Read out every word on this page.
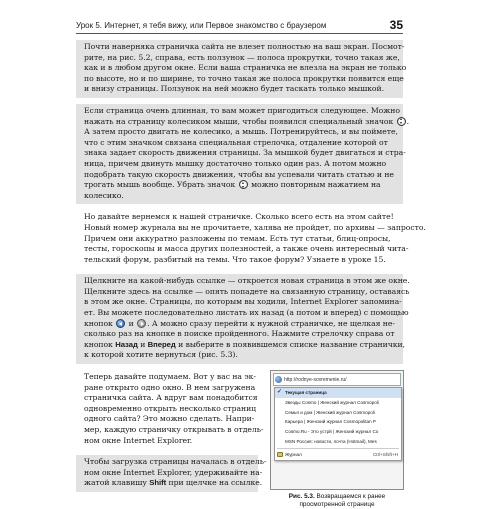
Урок 5. Интернет, я тебя вижу, или Первое знакомство с браузером	35
Почти наверняка страничка сайта не влезет полностью на ваш экран. Посмот-
рите, на рис. 5.2, справа, есть ползунок — полоса прокрутки, точно такая же,
как и в любом другом окне. Если ваша страничка не влезла на экран не только
по высоте, но и по ширине, то точно такая же полоса прокрутки появится еще
и внизу страницы. Ползунок на ней можно будет таскать только мышкой.
Если страница очень длинная, то вам может пригодиться следующее. Можно
нажать на страницу колесиком мыши, чтобы появился специальный значок .
А затем просто двигать не колесико, а мышь. Потренируйтесь, и вы поймете,
что с этим значком связана специальная стрелочка, отдаление которой от
знака задает скорость движения страницы. За мышкой будет двигаться и стра-
ница, причем двинуть мышку достаточно только один раз. А потом можно
подобрать такую скорость движения, чтобы вы успевали читать статью и не
трогать мышь вообще. Убрать значок можно повторным нажатием на
колесико.
Но давайте вернемся к нашей страничке. Сколько всего есть на этом сайте!
Новый номер журнала вы не прочитаете, халява не пройдет, по архивы — запросто.
Причем они аккуратно разложены по темам. Есть тут статьи, блиц-опросы,
тесты, гороскопы и масса других полезностей, а также очень интересный чита-
тельский форум, разбитый на темы. Что такое форум? Узнаете в уроке 15.
Щелкните на какой-нибудь ссылке — откроется новая страница в этом же окне.
Щелкните здесь на ссылке — опять попадете на связанную страницу, оставаясь
в этом же окне. Страницы, по которым вы ходили, Internet Explorer запомина-
ет. Вы можете последовательно листать их назад (а потом и вперед) с помощью
кнопок и . А можно сразу перейти к нужной страничке, не щелкая не-
сколько раз на кнопке в поиске пройденного. Нажмите стрелочку справа от
кнопок Назад и Вперед и выберите в появившемся списке название странички,
к которой хотите вернуться (рис. 5.3).
Теперь давайте подумаем. Вот у вас на эк-
ране открыто одно окно. В нем загружена
страничка сайта. А вдруг вам понадобится
одновременно открыть несколько страниц
одного сайта? Это можно сделать. Напри-
мер, каждую страничку открывать в отдель-
ном окне Internet Explorer.
Чтобы загрузка страницы началась в отдель-
ном окне Internet Explorer, удерживайте на-
жатой клавишу Shift при щелчке на ссылке.
http://rodnye-sovremenie.ru/
✓ Текущая страница
Звезды Cosmo | Женский журнал Cosmopoli
Семья и дом | Женский журнал Cosmopoli
Карьера | Женский журнал Cosmopolitan P
Cosmo.Ru - Это устрй | Женский журнал Co
MSN Россия: новости, почта (Hotmail), Mes
Журнал	Ctrl+Shift+H
Рис. 5.3. Возвращаемся к ранее просмотренной странице
